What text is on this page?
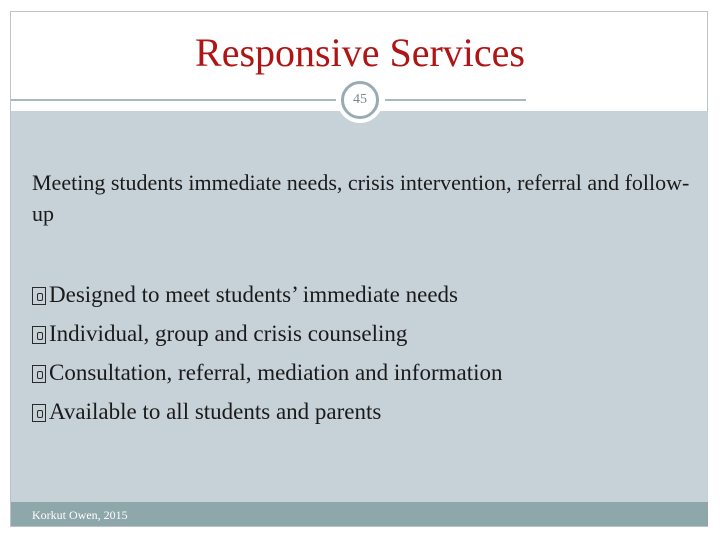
Responsive Services
45
Meeting students immediate needs, crisis intervention, referral and follow-up
Designed to meet students’ immediate needs
Individual, group and crisis counseling
Consultation, referral, mediation and information
Available to all students and parents
Korkut Owen, 2015
